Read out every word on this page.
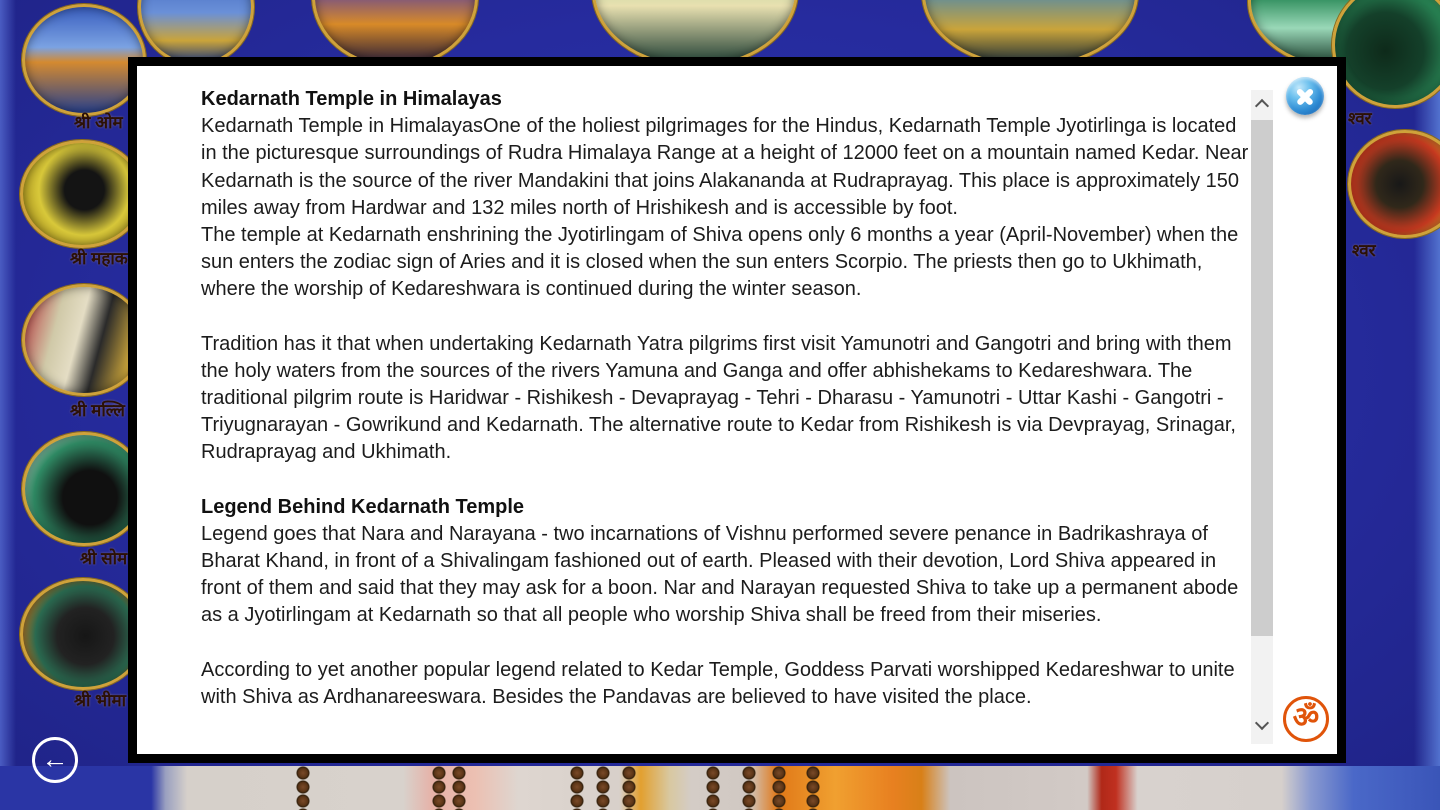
श्री ओम
श्री महाक
श्री मल्लि
श्री सोम
श्री भीमा
श्वर
श्वर
←
Kedarnath Temple in Himalayas
Kedarnath Temple in HimalayasOne of the holiest pilgrimages for the Hindus, Kedarnath Temple Jyotirlinga is located in the picturesque surroundings of Rudra Himalaya Range at a height of 12000 feet on a mountain named Kedar. Near Kedarnath is the source of the river Mandakini that joins Alakananda at Rudraprayag. This place is approximately 150 miles away from Hardwar and 132 miles north of Hrishikesh and is accessible by foot.
The temple at Kedarnath enshrining the Jyotirlingam of Shiva opens only 6 months a year (April-November) when the sun enters the zodiac sign of Aries and it is closed when the sun enters Scorpio. The priests then go to Ukhimath, where the worship of Kedareshwara is continued during the winter season.
Tradition has it that when undertaking Kedarnath Yatra pilgrims first visit Yamunotri and Gangotri and bring with them the holy waters from the sources of the rivers Yamuna and Ganga and offer abhishekams to Kedareshwara. The traditional pilgrim route is Haridwar - Rishikesh - Devaprayag - Tehri - Dharasu - Yamunotri - Uttar Kashi - Gangotri - Triyugnarayan - Gowrikund and Kedarnath. The alternative route to Kedar from Rishikesh is via Devprayag, Srinagar, Rudraprayag and Ukhimath.
Legend Behind Kedarnath Temple
Legend goes that Nara and Narayana - two incarnations of Vishnu performed severe penance in Badrikashraya of Bharat Khand, in front of a Shivalingam fashioned out of earth. Pleased with their devotion, Lord Shiva appeared in front of them and said that they may ask for a boon. Nar and Narayan requested Shiva to take up a permanent abode as a Jyotirlingam at Kedarnath so that all people who worship Shiva shall be freed from their miseries.
According to yet another popular legend related to Kedar Temple, Goddess Parvati worshipped Kedareshwar to unite with Shiva as Ardhanareeswara. Besides the Pandavas are believed to have visited the place.
ॐ
